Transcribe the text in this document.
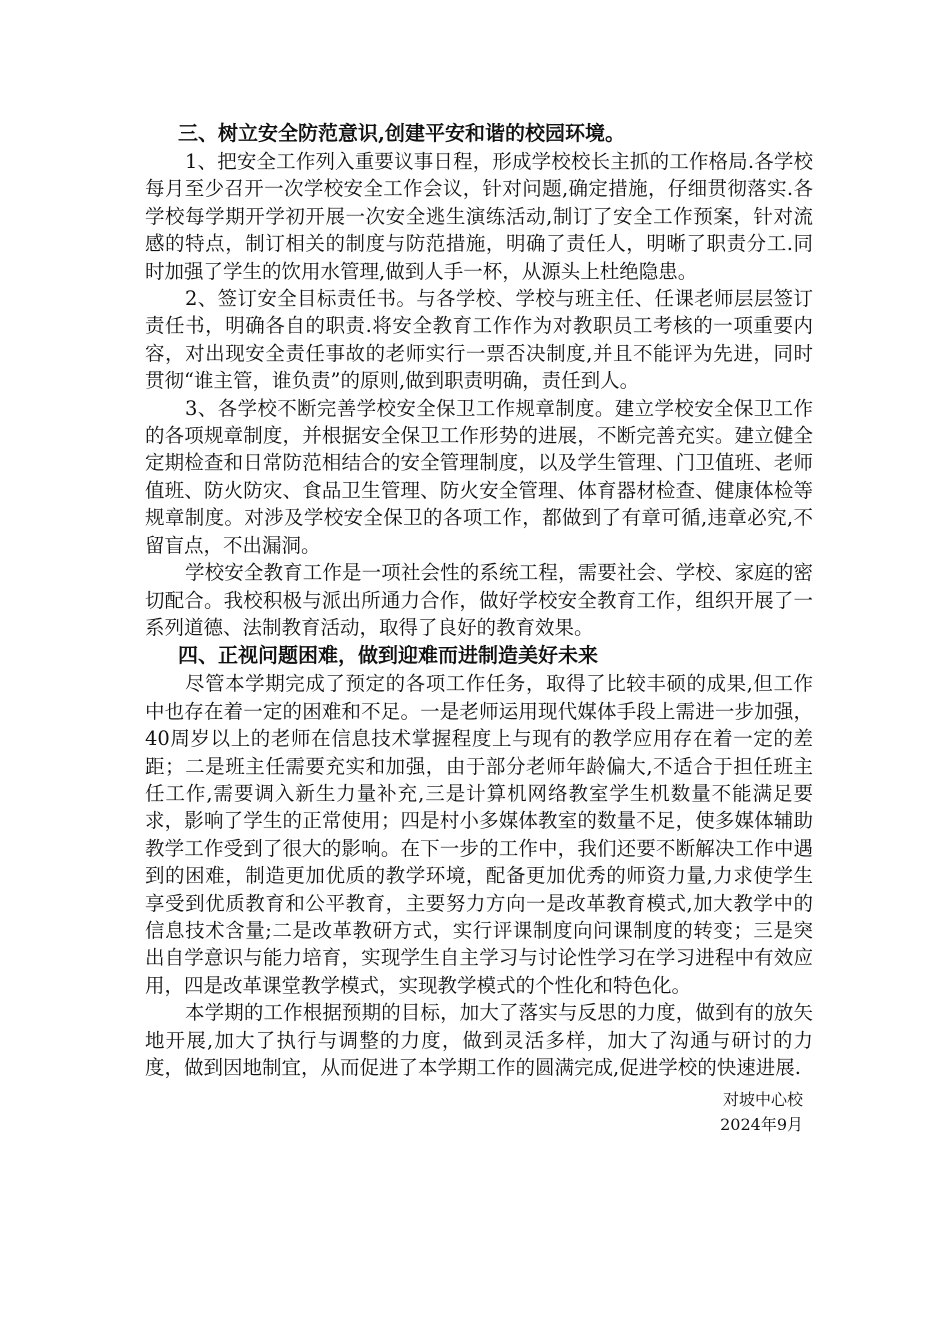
三、树立安全防范意识,创建平安和谐的校园环境。

1、把安全工作列入重要议事日程，形成学校校长主抓的工作格局.各学校每月至少召开一次学校安全工作会议，针对问题,确定措施，仔细贯彻落实.各学校每学期开学初开展一次安全逃生演练活动,制订了安全工作预案，针对流感的特点，制订相关的制度与防范措施，明确了责任人，明晰了职责分工.同时加强了学生的饮用水管理,做到人手一杯，从源头上杜绝隐患。

2、签订安全目标责任书。与各学校、学校与班主任、任课老师层层签订责任书，明确各自的职责.将安全教育工作作为对教职员工考核的一项重要内容，对出现安全责任事故的老师实行一票否决制度,并且不能评为先进，同时贯彻“谁主管，谁负责”的原则,做到职责明确，责任到人。

3、各学校不断完善学校安全保卫工作规章制度。建立学校安全保卫工作的各项规章制度，并根据安全保卫工作形势的进展，不断完善充实。建立健全定期检查和日常防范相结合的安全管理制度，以及学生管理、门卫值班、老师值班、防火防灾、食品卫生管理、防火安全管理、体育器材检查、健康体检等规章制度。对涉及学校安全保卫的各项工作，都做到了有章可循,违章必究,不留盲点，不出漏洞。

学校安全教育工作是一项社会性的系统工程，需要社会、学校、家庭的密切配合。我校积极与派出所通力合作，做好学校安全教育工作，组织开展了一系列道德、法制教育活动，取得了良好的教育效果。

四、正视问题困难，做到迎难而进制造美好未来

尽管本学期完成了预定的各项工作任务，取得了比较丰硕的成果,但工作中也存在着一定的困难和不足。一是老师运用现代媒体手段上需进一步加强，40周岁以上的老师在信息技术掌握程度上与现有的教学应用存在着一定的差距；二是班主任需要充实和加强，由于部分老师年龄偏大,不适合于担任班主任工作,需要调入新生力量补充,三是计算机网络教室学生机数量不能满足要求，影响了学生的正常使用；四是村小多媒体教室的数量不足，使多媒体辅助教学工作受到了很大的影响。在下一步的工作中，我们还要不断解决工作中遇到的困难，制造更加优质的教学环境，配备更加优秀的师资力量,力求使学生享受到优质教育和公平教育，主要努力方向一是改革教育模式,加大教学中的信息技术含量;二是改革教研方式，实行评课制度向问课制度的转变；三是突出自学意识与能力培育，实现学生自主学习与讨论性学习在学习进程中有效应用，四是改革课堂教学模式，实现教学模式的个性化和特色化。

本学期的工作根据预期的目标，加大了落实与反思的力度，做到有的放矢地开展,加大了执行与调整的力度，做到灵活多样，加大了沟通与研讨的力度，做到因地制宜，从而促进了本学期工作的圆满完成,促进学校的快速进展.

对坡中心校
2024年9月
